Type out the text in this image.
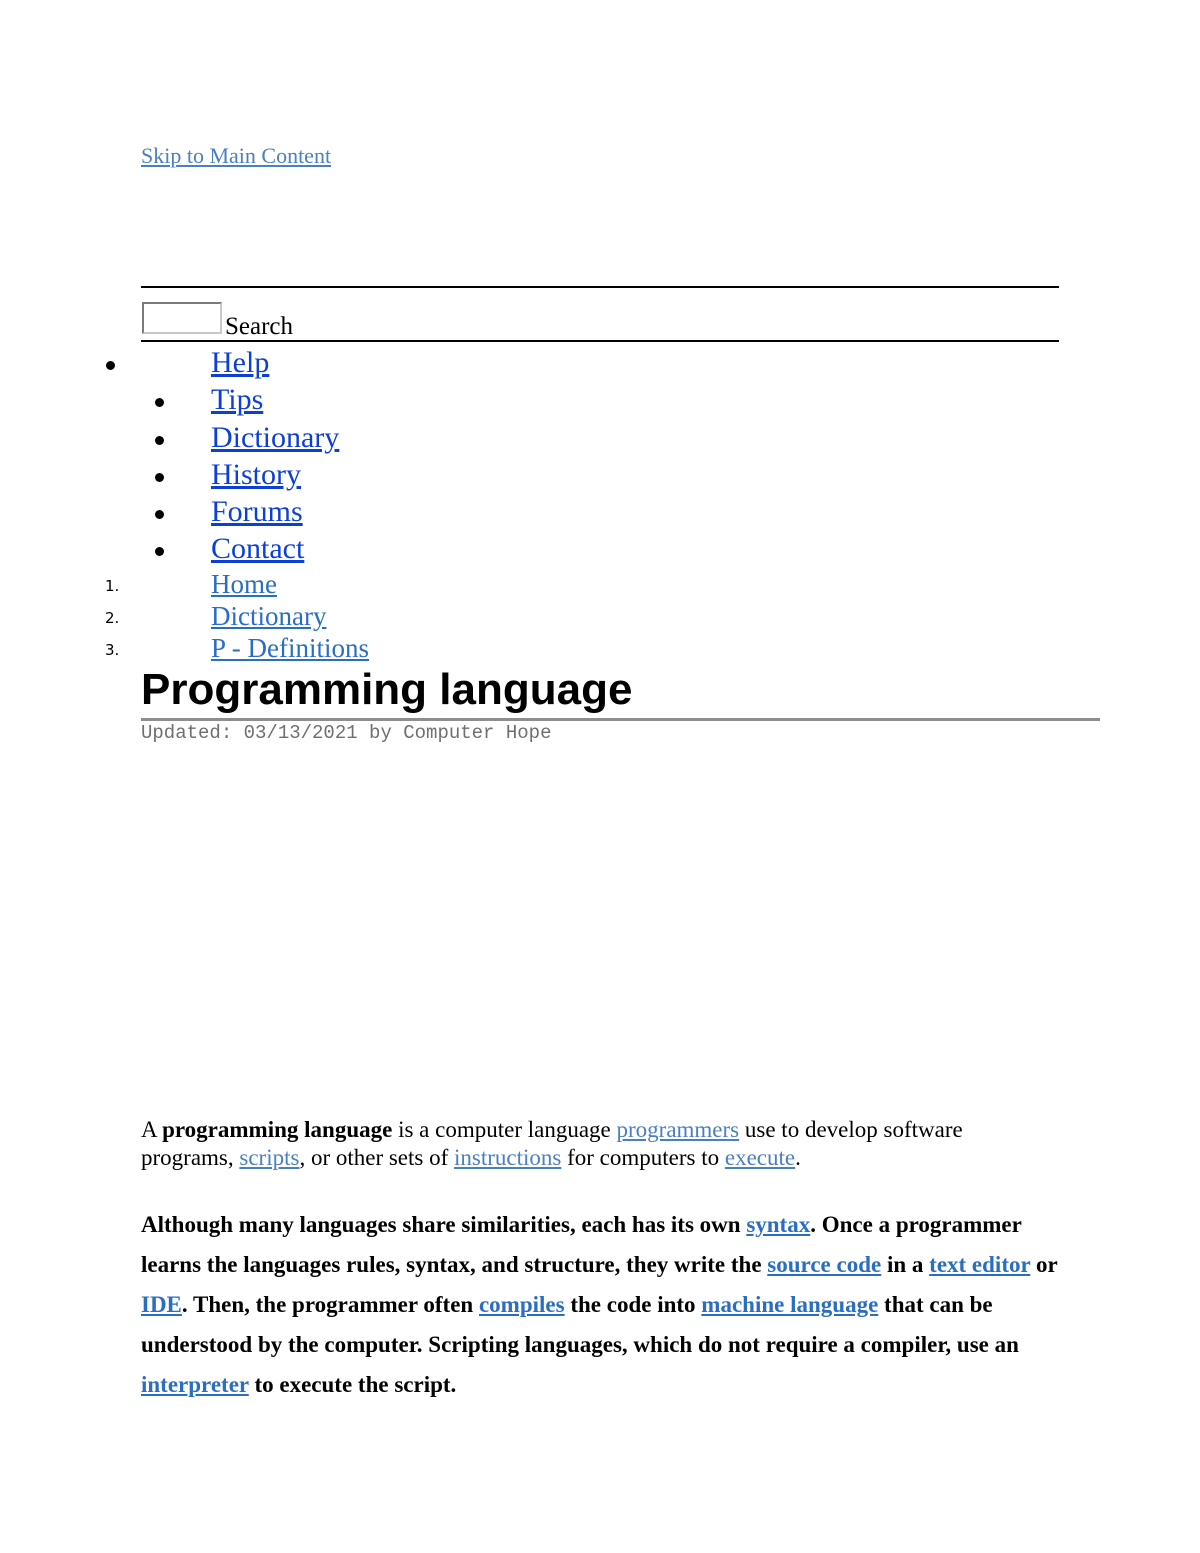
Skip to Main Content
Search
Help
Tips
Dictionary
History
Forums
Contact
1.	Home
2.	Dictionary
3.	P - Definitions
Programming language
Updated: 03/13/2021 by Computer Hope

A programming language is a computer language programmers use to develop software programs, scripts, or other sets of instructions for computers to execute.

Although many languages share similarities, each has its own syntax. Once a programmer learns the languages rules, syntax, and structure, they write the source code in a text editor or IDE. Then, the programmer often compiles the code into machine language that can be understood by the computer. Scripting languages, which do not require a compiler, use an interpreter to execute the script.
